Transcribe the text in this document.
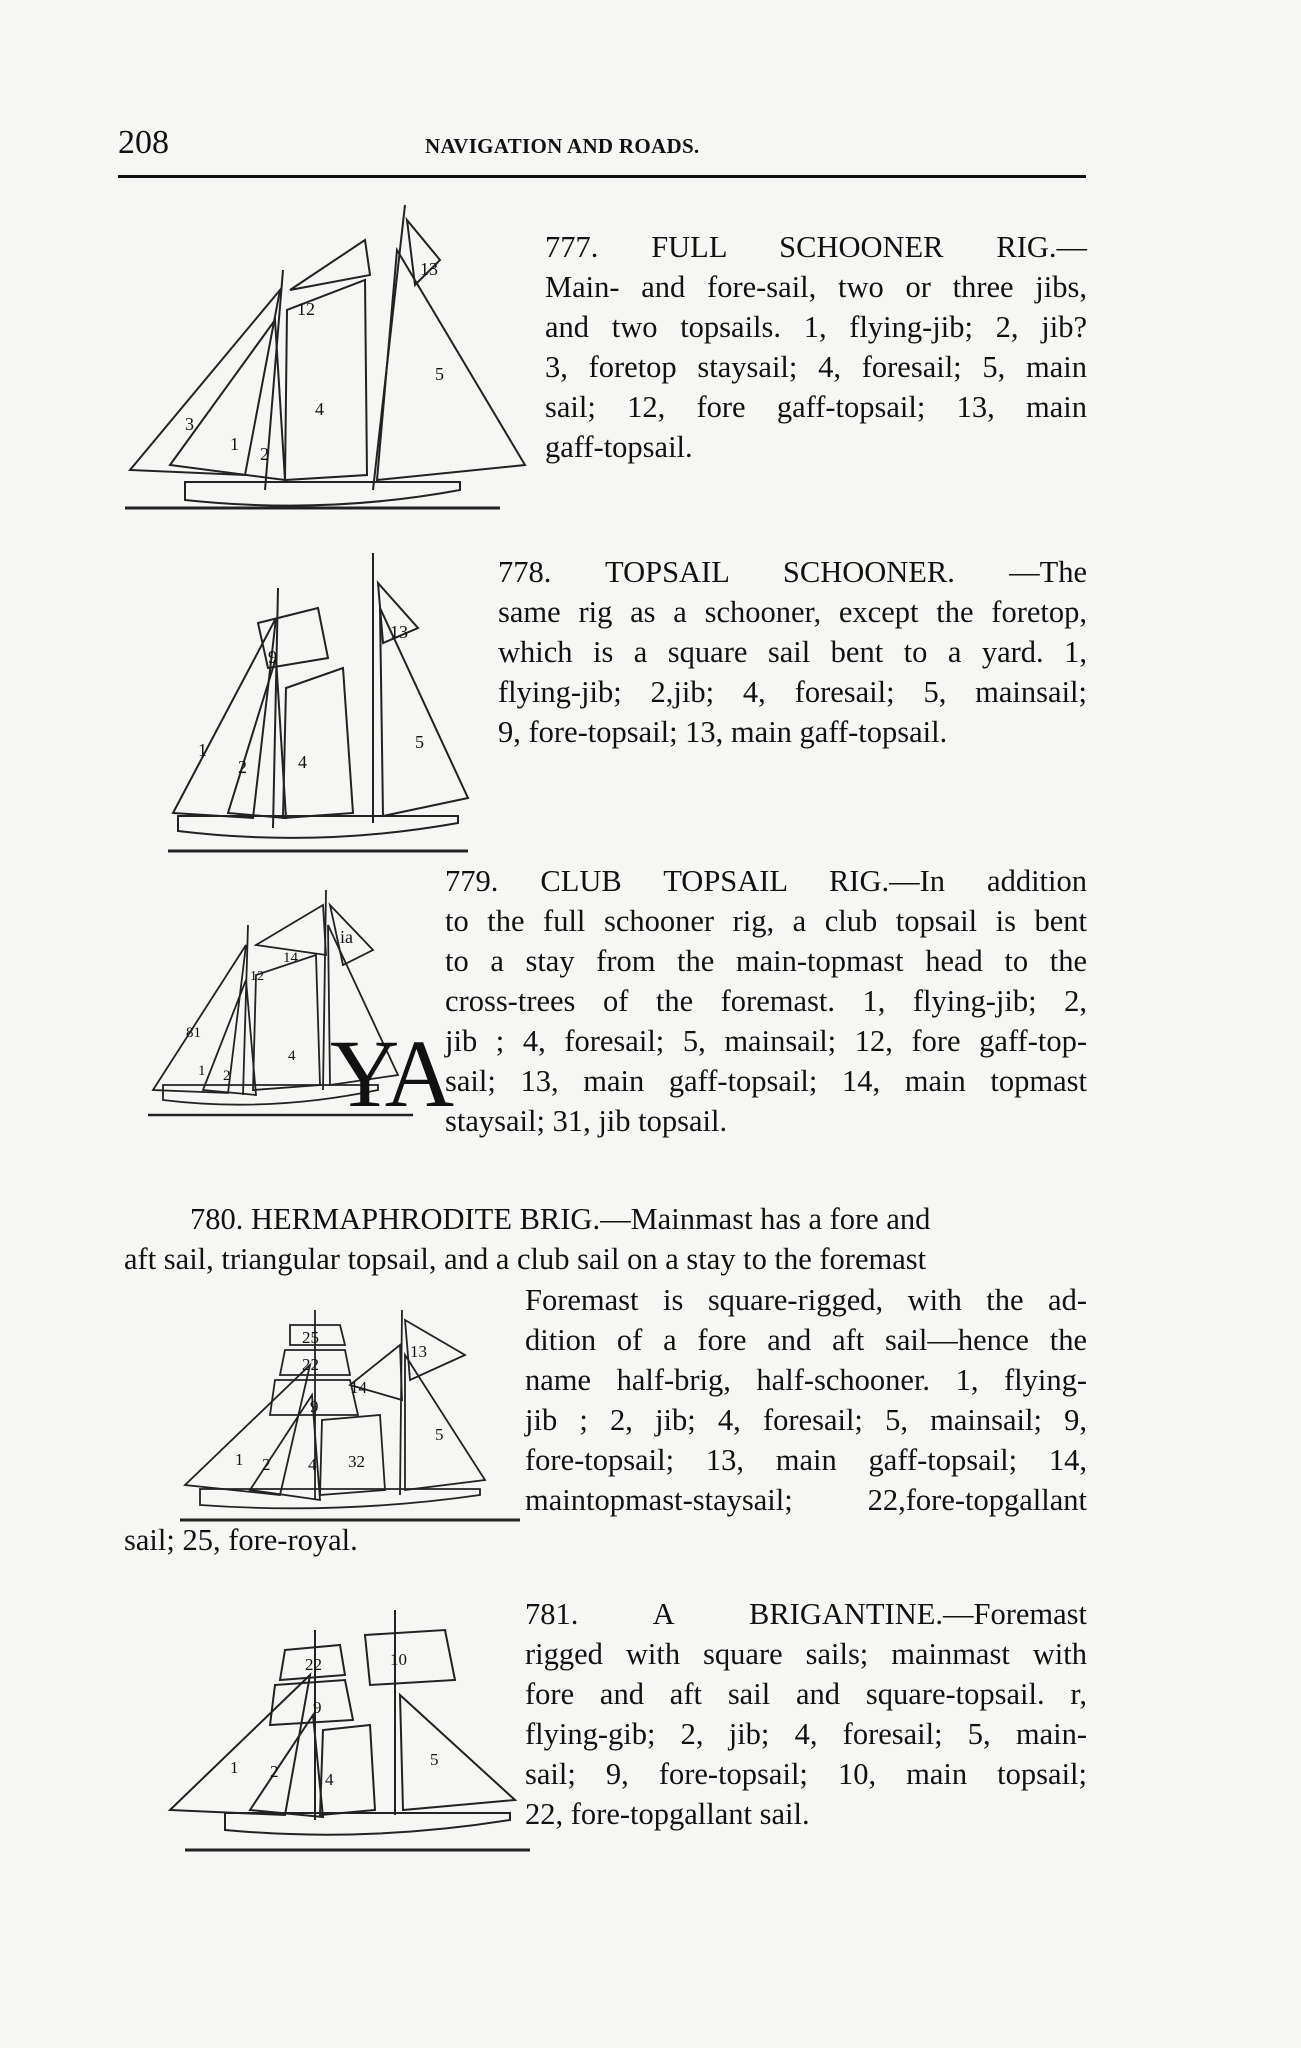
208	NAVIGATION AND ROADS.
13
12
5
4
3
1 2
777. FULL SCHOONER RIG.—
Main- and fore-sail, two or three jibs,
and two topsails. 1, flying-jib; 2, jib?
3, foretop staysail; 4, foresail; 5, main
sail; 12, fore gaff-topsail; 13, main
gaff-topsail.
9
13
1
2	4
5
778. TOPSAIL SCHOONER. —The
same rig as a schooner, except the foretop,
which is a square sail bent to a yard. 1,
flying-jib; 2,jib; 4, foresail; 5, mainsail;
9, fore-topsail; 13, main gaff-topsail.
ia
14
12
81
4
1 2 YA
779. CLUB TOPSAIL RIG.—In addition
to the full schooner rig, a club topsail is bent
to a stay from the main-topmast head to the
cross-trees of the foremast. 1, flying-jib; 2,
jib ; 4, foresail; 5, mainsail; 12, fore gaff-top-
sail; 13, main gaff-topsail; 14, main topmast
staysail; 31, jib topsail.
780. HERMAPHRODITE BRIG.—Mainmast has a fore and
aft sail, triangular topsail, and a club sail on a stay to the foremast
25
22
13
14
9
5
1 2 4 32
Foremast is square-rigged, with the ad-
dition of a fore and aft sail—hence the
name half-brig, half-schooner. 1, flying-
jib ; 2, jib; 4, foresail; 5, mainsail; 9,
fore-topsail; 13, main gaff-topsail; 14,
maintopmast-staysail; 22,fore-topgallant
sail; 25, fore-royal.
22	10
9
1 2	4
5
781. A BRIGANTINE.—Foremast
rigged with square sails; mainmast with
fore and aft sail and square-topsail. r,
flying-gib; 2, jib; 4, foresail; 5, main-
sail; 9, fore-topsail; 10, main topsail;
22, fore-topgallant sail.
